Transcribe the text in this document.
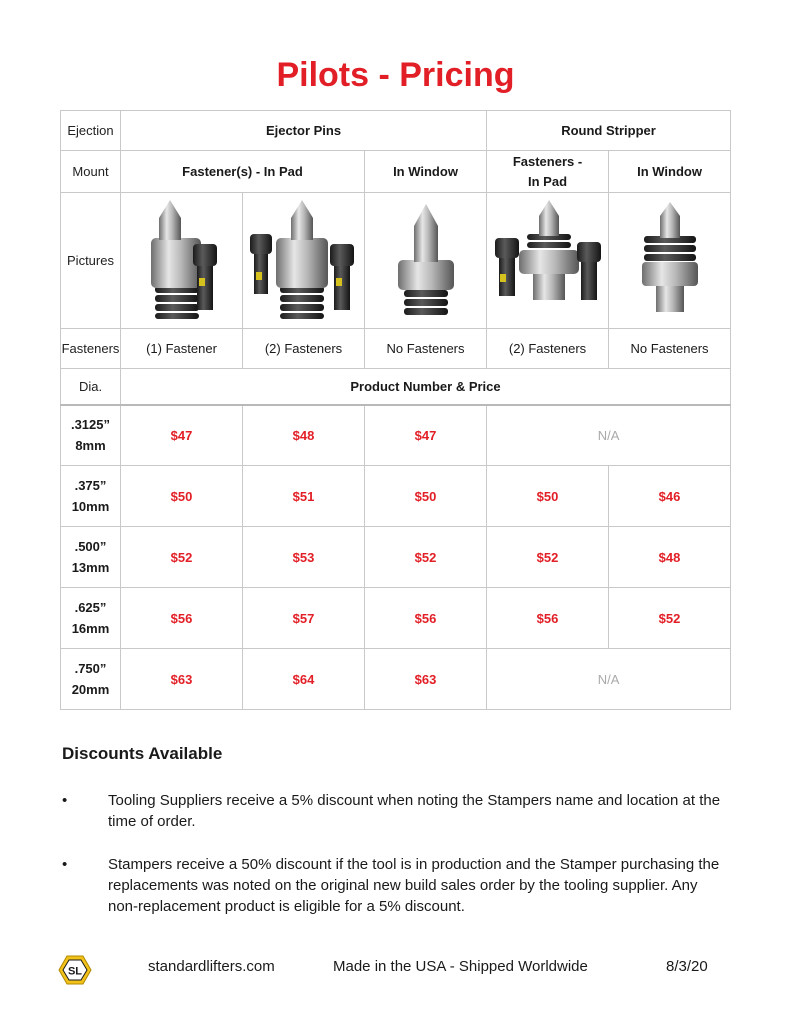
Pilots - Pricing
Ejection	Ejector Pins			Round Stripper	
Mount	Fastener(s) - In Pad		In Window	Fasteners -
In Pad	In Window
Pictures	

Fasteners	(1) Fastener	(2) Fasteners	No Fasteners	(2) Fasteners	No Fasteners
Dia.	Product Number & Price				
.3125”
8mm	$47	$48	$47	N/A	
.375”
10mm	$50	$51	$50	$50	$46
.500”
13mm	$52	$53	$52	$52	$48
.625”
16mm	$56	$57	$56	$56	$52
.750”
20mm	$63	$64	$63	N/A	
Discounts Available
•	Tooling Suppliers receive a 5% discount when noting the Stampers name and location at the time of order.
•	Stampers receive a 50% discount if the tool is in production and the Stamper purchasing the replacements was noted on the original new build sales order by the tooling supplier. Any non-replacement product is eligible for a 5% discount.
SL	standardlifters.com	Made in the USA - Shipped Worldwide	8/3/20
